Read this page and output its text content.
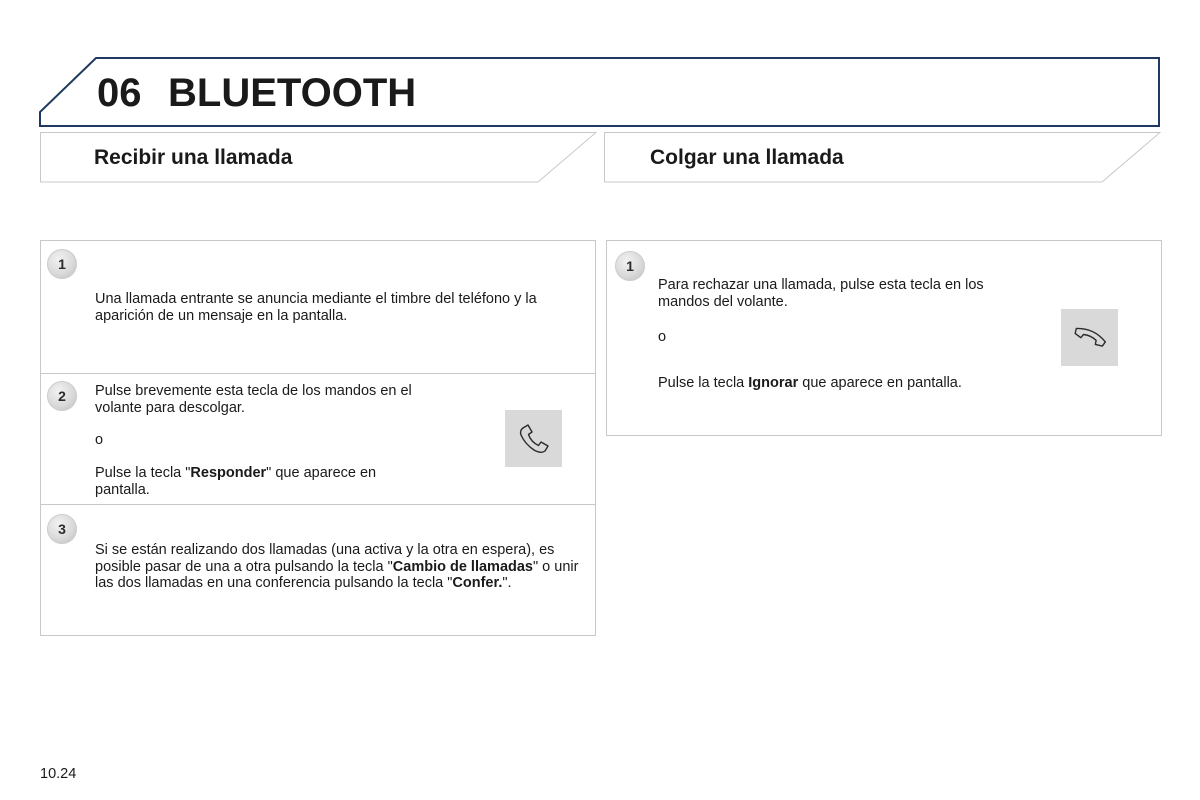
06 BLUETOOTH
Recibir una llamada	Colgar una llamada
1
Una llamada entrante se anuncia mediante el timbre del teléfono y la aparición de un mensaje en la pantalla.
2	Pulse brevemente esta tecla de los mandos en el volante para descolgar.
o
Pulse la tecla "Responder" que aparece en pantalla.
3
Si se están realizando dos llamadas (una activa y la otra en espera), es posible pasar de una a otra pulsando la tecla "Cambio de llamadas" o unir las dos llamadas en una conferencia pulsando la tecla "Confer.".
1
Para rechazar una llamada, pulse esta tecla en los mandos del volante.
o
Pulse la tecla Ignorar que aparece en pantalla.
10.24
